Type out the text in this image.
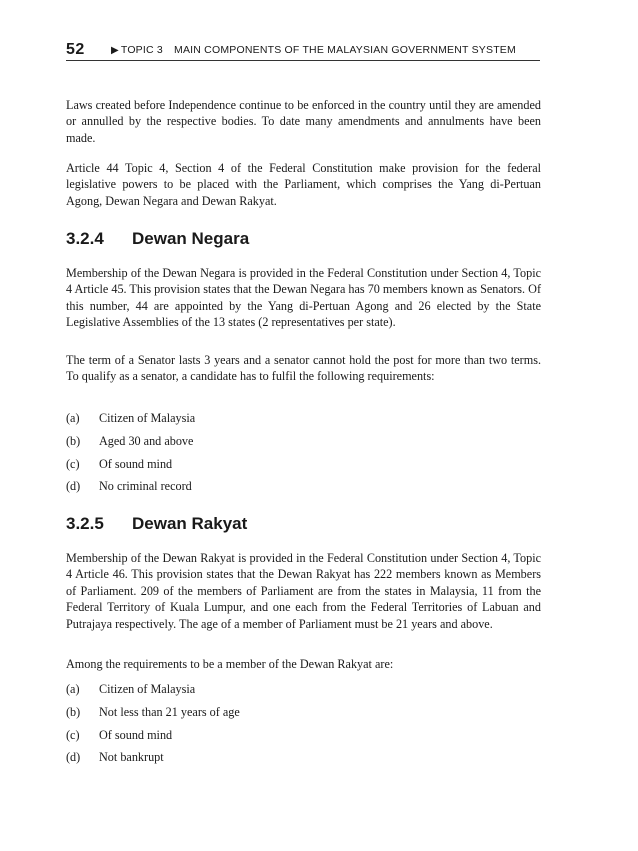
52	▶ TOPIC 3 MAIN COMPONENTS OF THE MALAYSIAN GOVERNMENT SYSTEM

Laws created before Independence continue to be enforced in the country until they are amended or annulled by the respective bodies. To date many amendments and annulments have been made.

Article 44 Topic 4, Section 4 of the Federal Constitution make provision for the federal legislative powers to be placed with the Parliament, which comprises the Yang di-Pertuan Agong, Dewan Negara and Dewan Rakyat.

3.2.4 Dewan Negara

Membership of the Dewan Negara is provided in the Federal Constitution under Section 4, Topic 4 Article 45. This provision states that the Dewan Negara has 70 members known as Senators. Of this number, 44 are appointed by the Yang di-Pertuan Agong and 26 elected by the State Legislative Assemblies of the 13 states (2 representatives per state).

The term of a Senator lasts 3 years and a senator cannot hold the post for more than two terms. To qualify as a senator, a candidate has to fulfil the following requirements:

(a) Citizen of Malaysia
(b) Aged 30 and above
(c) Of sound mind
(d) No criminal record
3.2.5 Dewan Rakyat

Membership of the Dewan Rakyat is provided in the Federal Constitution under Section 4, Topic 4 Article 46. This provision states that the Dewan Rakyat has 222 members known as Members of Parliament. 209 of the members of Parliament are from the states in Malaysia, 11 from the Federal Territory of Kuala Lumpur, and one each from the Federal Territories of Labuan and Putrajaya respectively. The age of a member of Parliament must be 21 years and above.

Among the requirements to be a member of the Dewan Rakyat are:

(a) Citizen of Malaysia
(b) Not less than 21 years of age
(c) Of sound mind
(d) Not bankrupt
